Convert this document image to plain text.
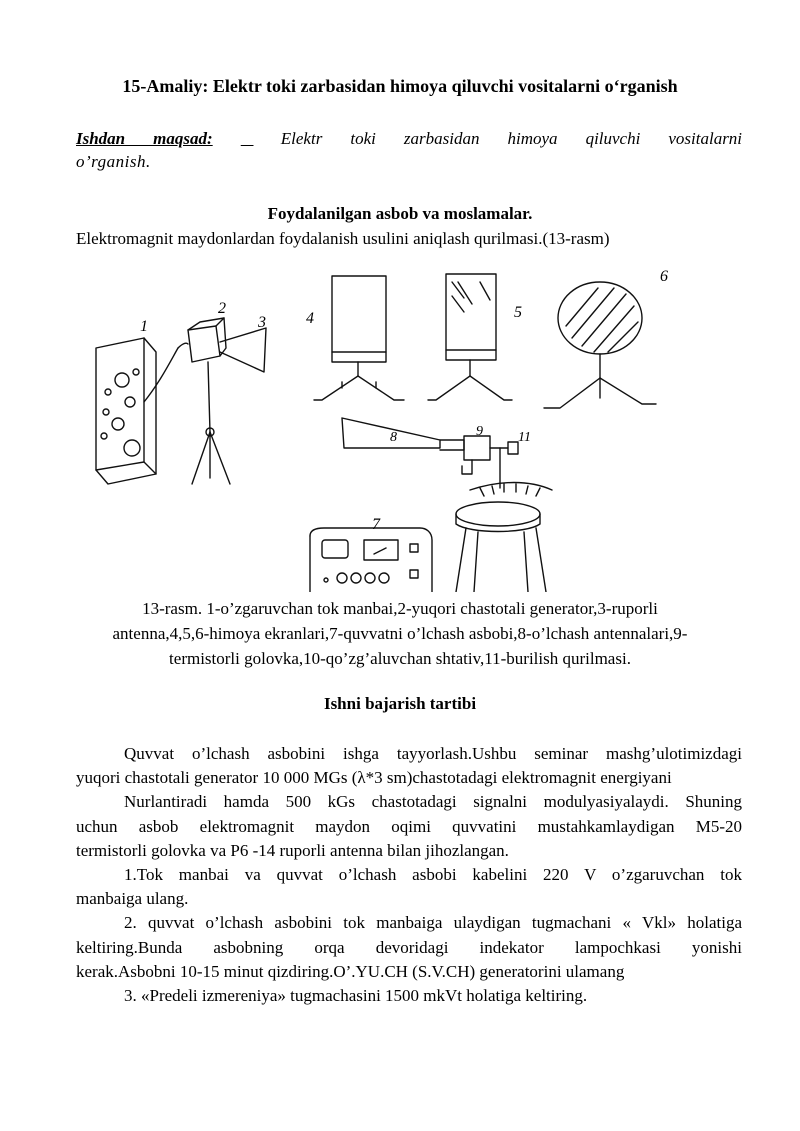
15-Amaliy: Elektr toki zarbasidan himoya qiluvchi vositalarni o‘rganish
Ishdan maqsad:	Elektr toki zarbasidan himoya qiluvchi vositalarni
o’rganish.
Foydalanilgan asbob va moslamalar.
Elektromagnit maydonlardan foydalanish usulini aniqlash qurilmasi.(13-rasm)
1
2
3	4	5
6
7
8	9	11
13-rasm. 1-o’zgaruvchan tok manbai,2-yuqori chastotali generator,3-ruporli
antenna,4,5,6-himoya ekranlari,7-quvvatni o’lchash asbobi,8-o’lchash antennalari,9-
termistorli golovka,10-qo’zg’aluvchan shtativ,11-burilish qurilmasi.
Ishni bajarish tartibi
Quvvat o’lchash asbobini ishga tayyorlash.Ushbu seminar mashg’ulotimizdagi
yuqori chastotali generator 10 000 MGs (λ*3 sm)chastotadagi elektromagnit energiyani
Nurlantiradi hamda 500 kGs chastotadagi signalni modulyasiyalaydi. Shuning
uchun asbob elektromagnit maydon oqimi quvvatini mustahkamlaydigan M5-20
termistorli golovka va P6 -14 ruporli antenna bilan jihozlangan.
1.Tok manbai va quvvat o’lchash asbobi kabelini 220 V o’zgaruvchan tok
manbaiga ulang.
2. quvvat o’lchash asbobini tok manbaiga ulaydigan tugmachani « Vkl» holatiga
keltiring.Bunda asbobning orqa devoridagi indekator lampochkasi yonishi
kerak.Asbobni 10-15 minut qizdiring.O’.YU.CH (S.V.CH) generatorini ulamang
3. «Predeli izmereniya» tugmachasini 1500 mkVt holatiga keltiring.
